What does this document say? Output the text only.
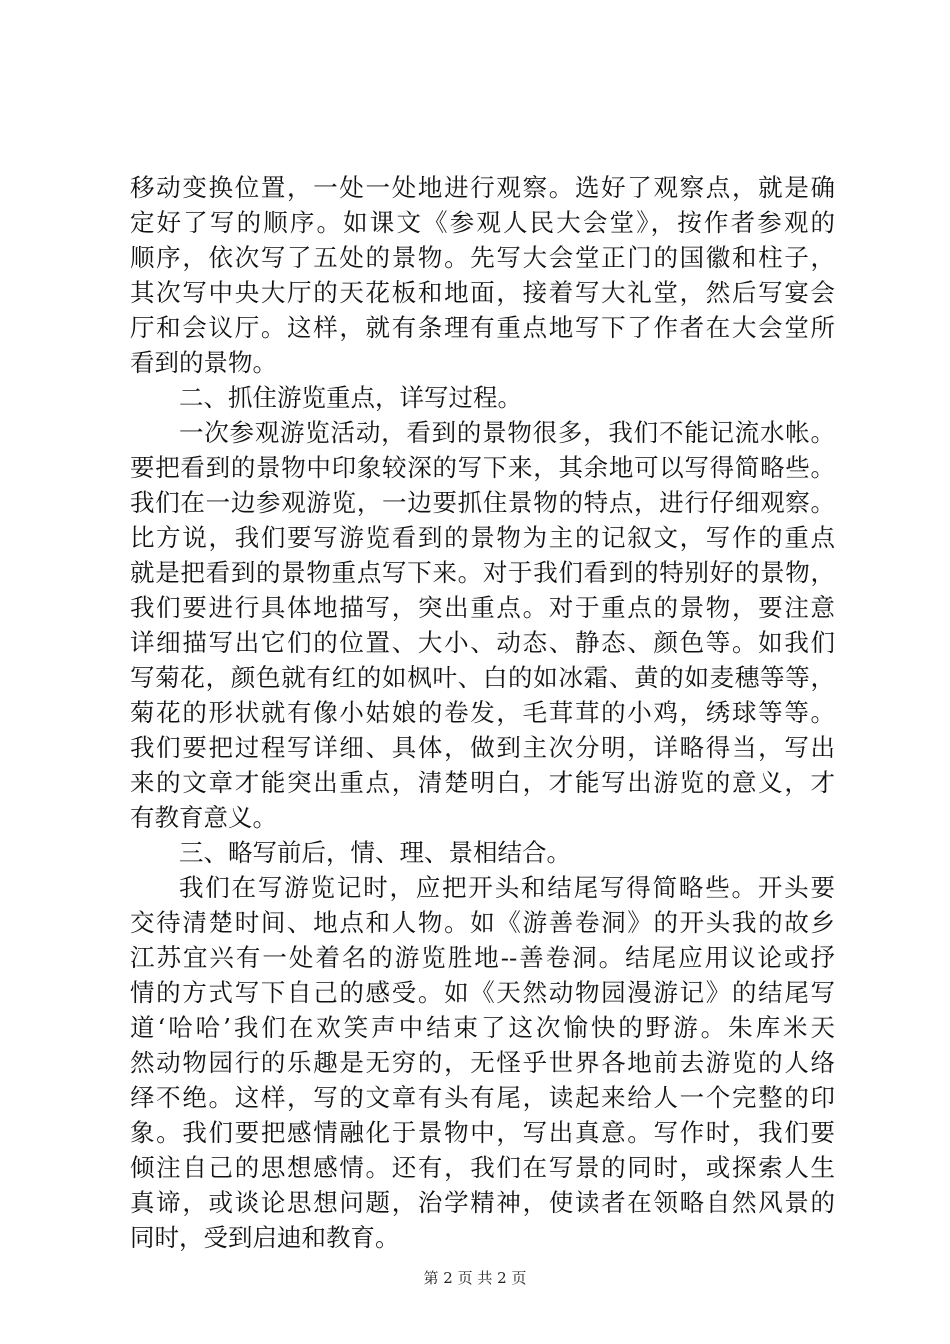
移动变换位置，一处一处地进行观察。选好了观察点，就是确
定好了写的顺序。如课文《参观人民大会堂》，按作者参观的
顺序，依次写了五处的景物。先写大会堂正门的国徽和柱子，
其次写中央大厅的天花板和地面，接着写大礼堂，然后写宴会
厅和会议厅。这样，就有条理有重点地写下了作者在大会堂所
看到的景物。
二、抓住游览重点，详写过程。
一次参观游览活动，看到的景物很多，我们不能记流水帐。
要把看到的景物中印象较深的写下来，其余地可以写得简略些。
我们在一边参观游览，一边要抓住景物的特点，进行仔细观察。
比方说，我们要写游览看到的景物为主的记叙文，写作的重点
就是把看到的景物重点写下来。对于我们看到的特别好的景物，
我们要进行具体地描写，突出重点。对于重点的景物，要注意
详细描写出它们的位置、大小、动态、静态、颜色等。如我们
写菊花，颜色就有红的如枫叶、白的如冰霜、黄的如麦穗等等，
菊花的形状就有像小姑娘的卷发，毛茸茸的小鸡，绣球等等。
我们要把过程写详细、具体，做到主次分明，详略得当，写出
来的文章才能突出重点，清楚明白，才能写出游览的意义，才
有教育意义。
三、略写前后，情、理、景相结合。
我们在写游览记时，应把开头和结尾写得简略些。开头要
交待清楚时间、地点和人物。如《游善卷洞》的开头我的故乡
江苏宜兴有一处着名的游览胜地--善卷洞。结尾应用议论或抒
情的方式写下自己的感受。如《天然动物园漫游记》的结尾写
道‘哈哈’我们在欢笑声中结束了这次愉快的野游。朱库米天
然动物园行的乐趣是无穷的，无怪乎世界各地前去游览的人络
绎不绝。这样，写的文章有头有尾，读起来给人一个完整的印
象。我们要把感情融化于景物中，写出真意。写作时，我们要
倾注自己的思想感情。还有，我们在写景的同时，或探索人生
真谛，或谈论思想问题，治学精神，使读者在领略自然风景的
同时，受到启迪和教育。
第 2 页 共 2 页
